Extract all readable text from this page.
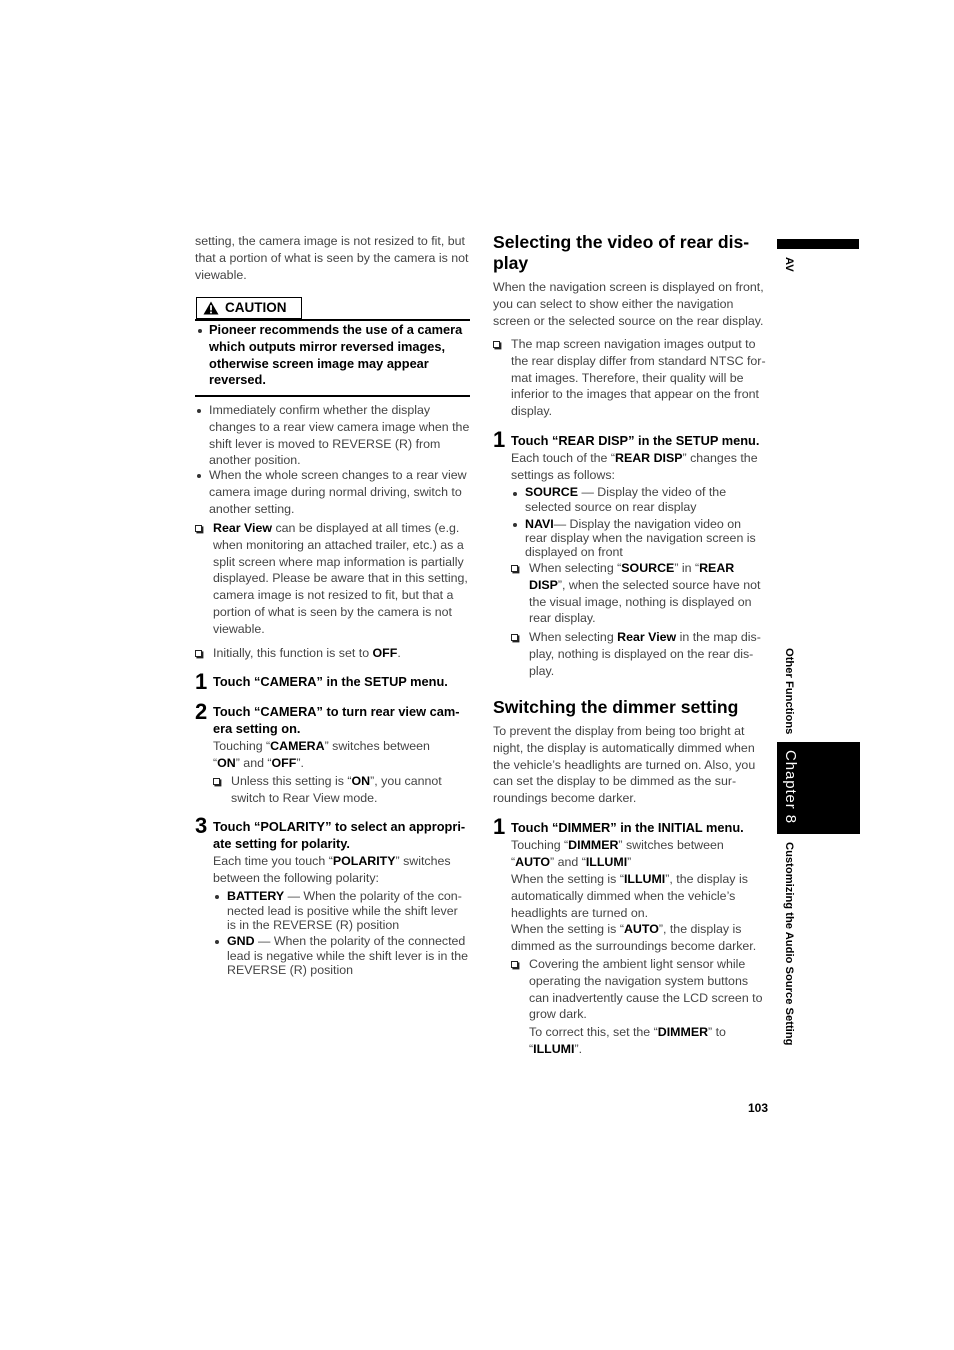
setting, the camera image is not resized to fit, but
that a portion of what is seen by the camera is not
viewable.
CAUTION
Pioneer recommends the use of a camera
which outputs mirror reversed images,
otherwise screen image may appear
reversed.
Immediately confirm whether the display
changes to a rear view camera image when the
shift lever is moved to REVERSE (R) from
another position.
When the whole screen changes to a rear view
camera image during normal driving, switch to
another setting.
Rear View can be displayed at all times (e.g.
when monitoring an attached trailer, etc.) as a
split screen where map information is partially
displayed. Please be aware that in this setting,
camera image is not resized to fit, but that a
portion of what is seen by the camera is not
viewable.
Initially, this function is set to OFF.
1 Touch “CAMERA” in the SETUP menu.
2 Touch “CAMERA” to turn rear view cam-
era setting on.
Touching “CAMERA” switches between
“ON” and “OFF”.
Unless this setting is “ON”, you cannot
switch to Rear View mode.
3 Touch “POLARITY” to select an appropri-
ate setting for polarity.
Each time you touch “POLARITY” switches
between the following polarity:
BATTERY — When the polarity of the con-
nected lead is positive while the shift lever
is in the REVERSE (R) position
GND — When the polarity of the connected
lead is negative while the shift lever is in the
REVERSE (R) position
Selecting the video of rear dis-
play
When the navigation screen is displayed on front,
you can select to show either the navigation
screen or the selected source on the rear display.
The map screen navigation images output to
the rear display differ from standard NTSC for-
mat images. Therefore, their quality will be
inferior to the images that appear on the front
display.
1 Touch “REAR DISP” in the SETUP menu.
Each touch of the “REAR DISP” changes the
settings as follows:
SOURCE — Display the video of the
selected source on rear display
NAVI— Display the navigation video on
rear display when the navigation screen is
displayed on front
When selecting “SOURCE” in “REAR
DISP”, when the selected source have not
the visual image, nothing is displayed on
rear display.
When selecting Rear View in the map dis-
play, nothing is displayed on the rear dis-
play.
Switching the dimmer setting
To prevent the display from being too bright at
night, the display is automatically dimmed when
the vehicle’s headlights are turned on. Also, you
can set the display to be dimmed as the sur-
roundings become darker.
1 Touch “DIMMER” in the INITIAL menu.
Touching “DIMMER” switches between
“AUTO” and “ILLUMI”
When the setting is “ILLUMI”, the display is
automatically dimmed when the vehicle’s
headlights are turned on.
When the setting is “AUTO”, the display is
dimmed as the surroundings become darker.
Covering the ambient light sensor while
operating the navigation system buttons
can inadvertently cause the LCD screen to
grow dark.
To correct this, set the “DIMMER” to
“ILLUMI”.
103
AV
Other Functions
Chapter 8
Customizing the Audio Source Setting
